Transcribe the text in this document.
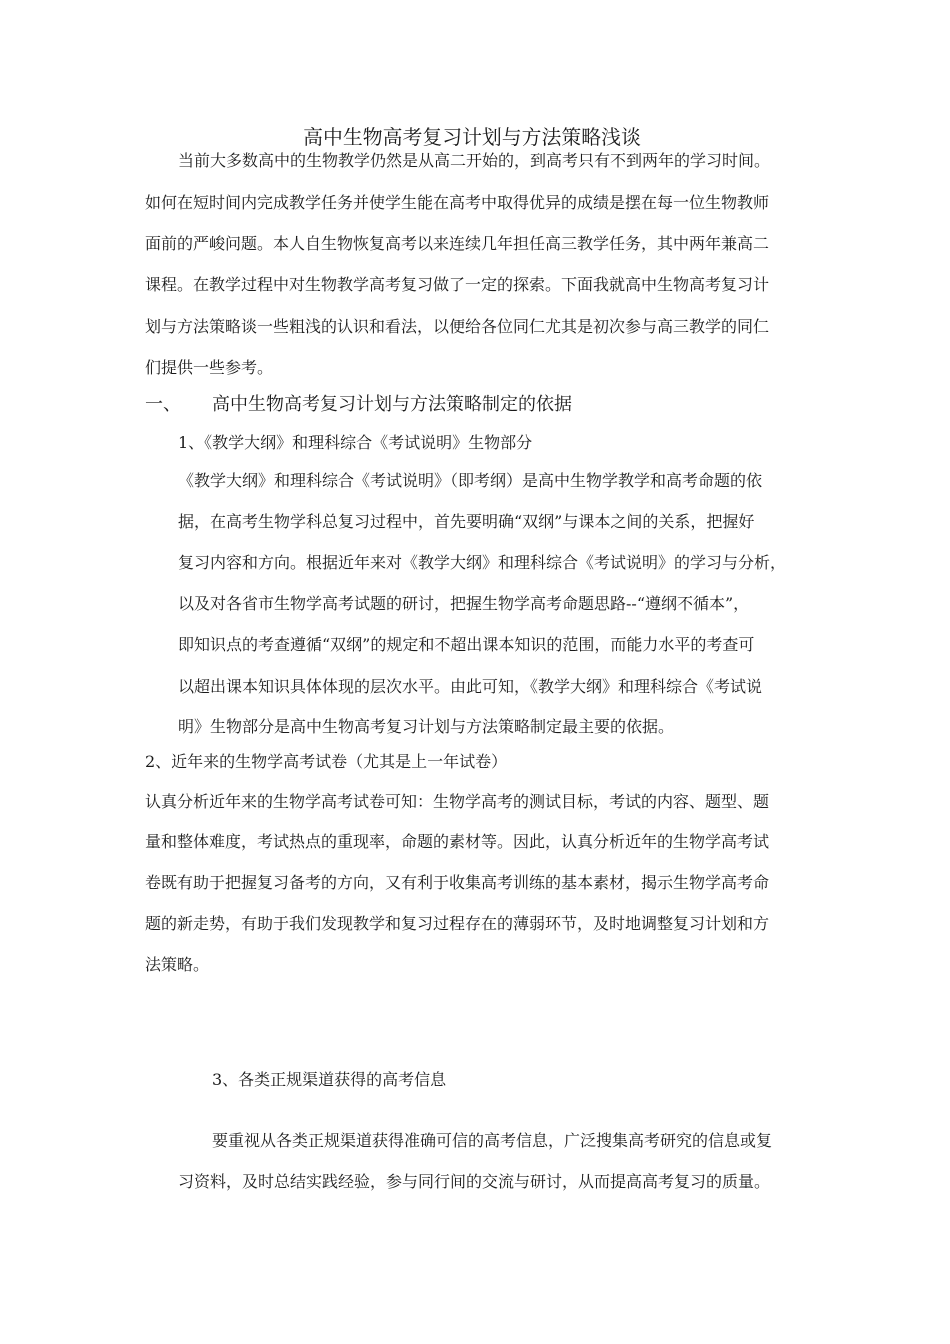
高中生物高考复习计划与方法策略浅谈
当前大多数高中的生物教学仍然是从高二开始的，到高考只有不到两年的学习时间。
如何在短时间内完成教学任务并使学生能在高考中取得优异的成绩是摆在每一位生物教师
面前的严峻问题。本人自生物恢复高考以来连续几年担任高三教学任务，其中两年兼高二
课程。在教学过程中对生物教学高考复习做了一定的探索。下面我就高中生物高考复习计
划与方法策略谈一些粗浅的认识和看法，以便给各位同仁尤其是初次参与高三教学的同仁
们提供一些参考。
一、 高中生物高考复习计划与方法策略制定的依据
1、《教学大纲》和理科综合《考试说明》生物部分
《教学大纲》和理科综合《考试说明》（即考纲）是高中生物学教学和高考命题的依
据，在高考生物学科总复习过程中，首先要明确“双纲”与课本之间的关系，把握好
复习内容和方向。根据近年来对《教学大纲》和理科综合《考试说明》的学习与分析，
以及对各省市生物学高考试题的研讨，把握生物学高考命题思路--“遵纲不循本”，
即知识点的考查遵循“双纲”的规定和不超出课本知识的范围，而能力水平的考查可
以超出课本知识具体体现的层次水平。由此可知，《教学大纲》和理科综合《考试说
明》生物部分是高中生物高考复习计划与方法策略制定最主要的依据。
2、近年来的生物学高考试卷（尤其是上一年试卷）
认真分析近年来的生物学高考试卷可知：生物学高考的测试目标，考试的内容、题型、题
量和整体难度，考试热点的重现率，命题的素材等。因此，认真分析近年的生物学高考试
卷既有助于把握复习备考的方向，又有利于收集高考训练的基本素材，揭示生物学高考命
题的新走势，有助于我们发现教学和复习过程存在的薄弱环节，及时地调整复习计划和方
法策略。
3、各类正规渠道获得的高考信息
要重视从各类正规渠道获得准确可信的高考信息，广泛搜集高考研究的信息或复
习资料，及时总结实践经验，参与同行间的交流与研讨，从而提高高考复习的质量。
